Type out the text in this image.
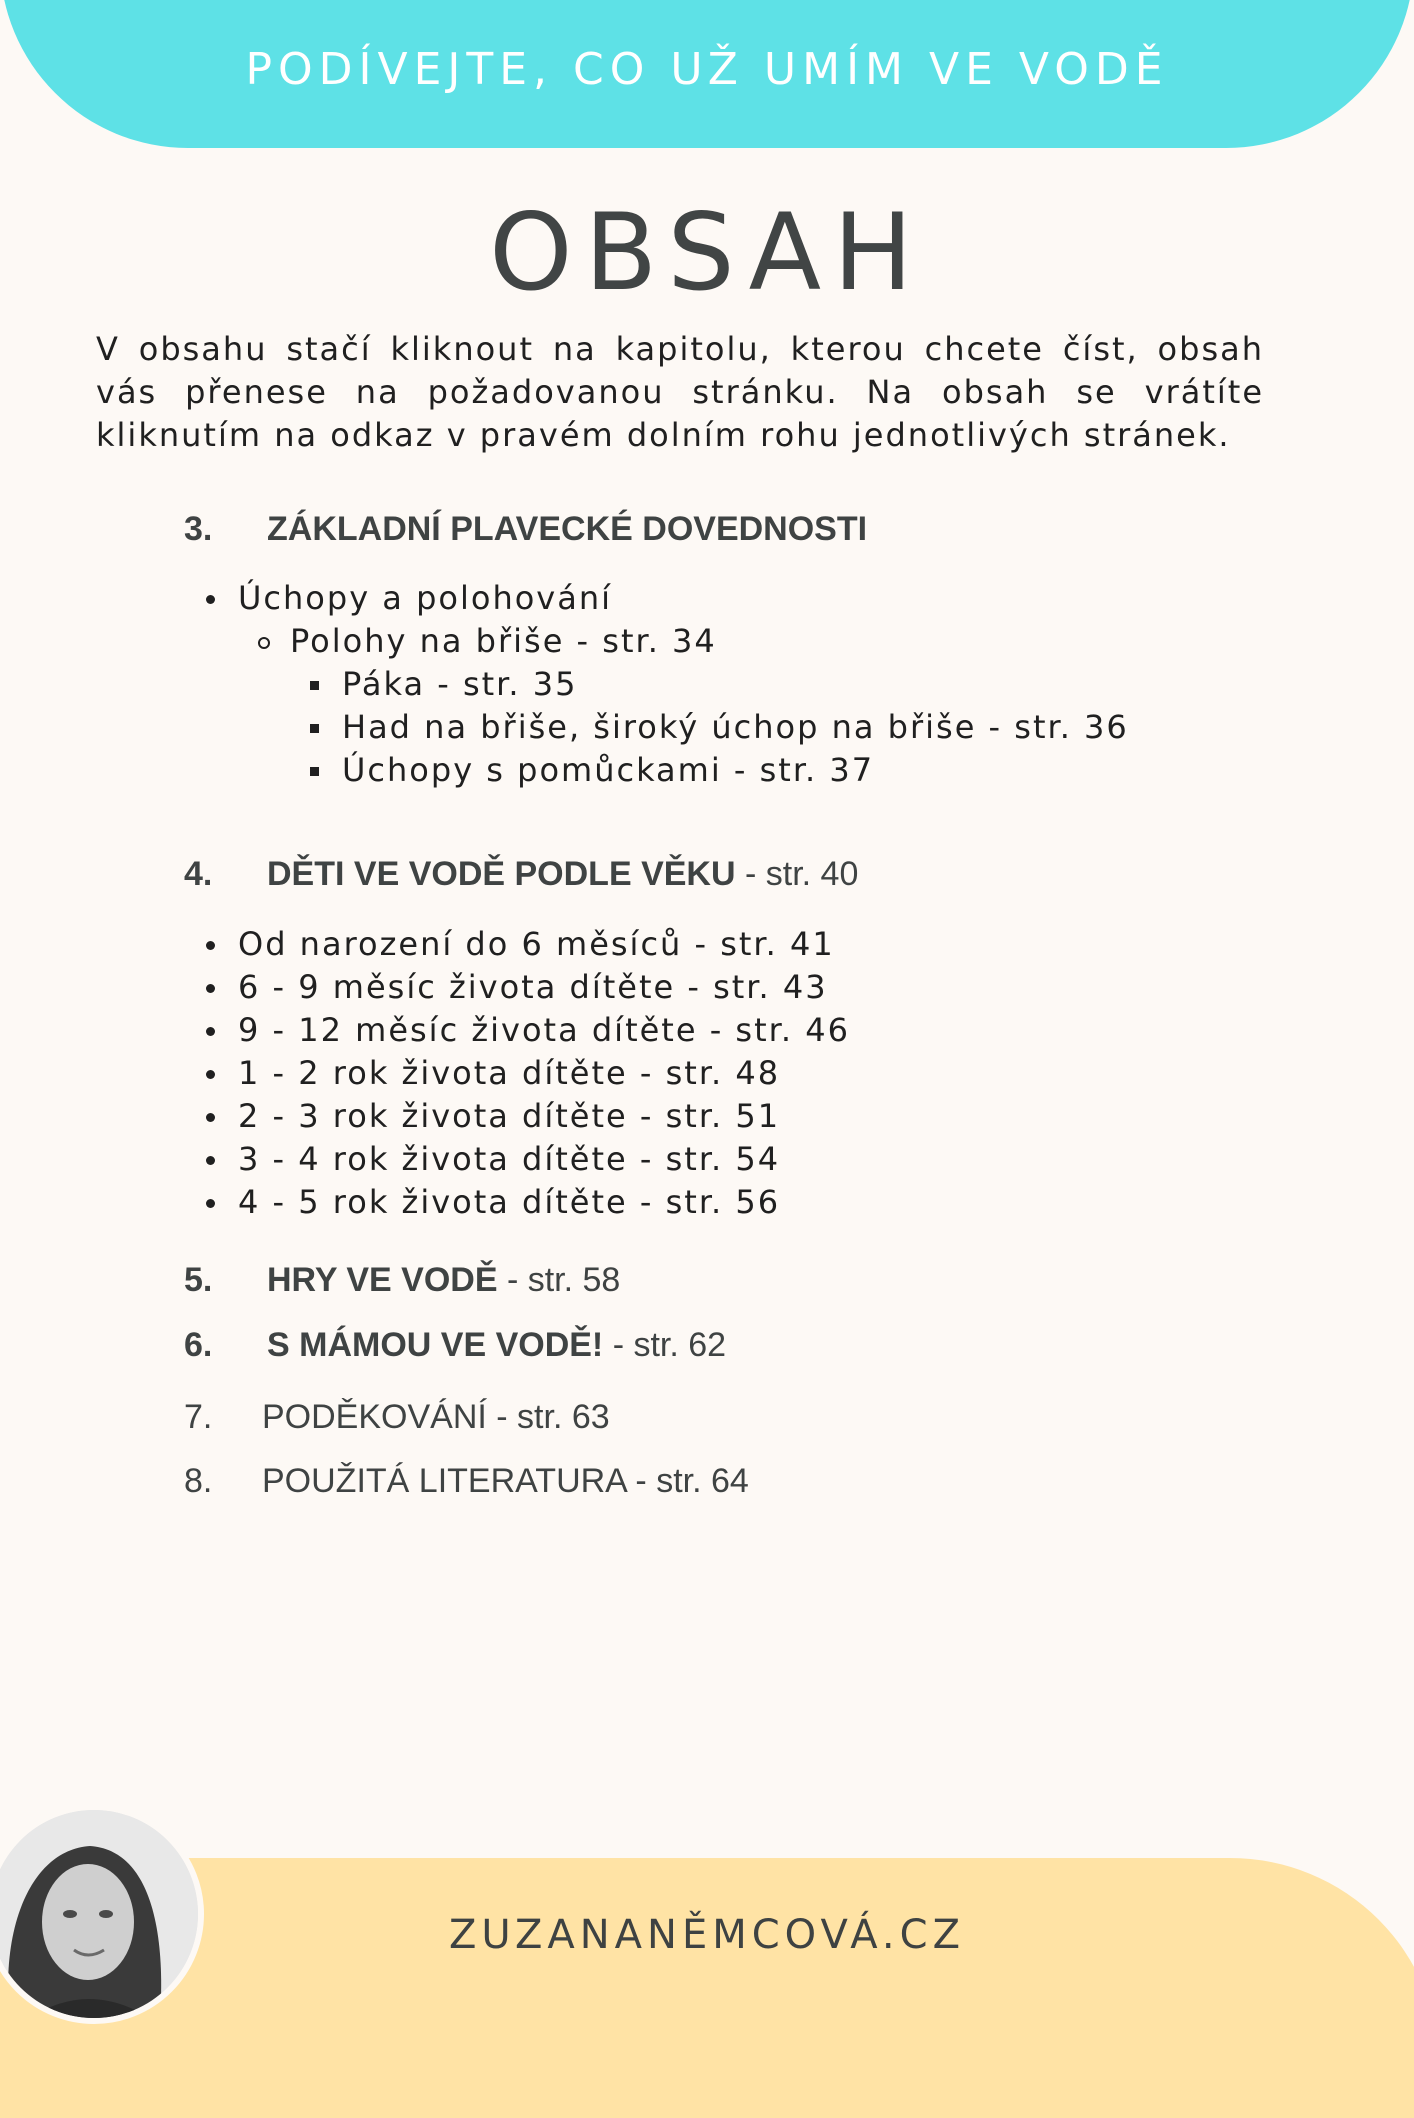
PODÍVEJTE, CO UŽ UMÍM VE VODĚ
OBSAH
V obsahu stačí kliknout na kapitolu, kterou chcete číst, obsah vás přenese na požadovanou stránku. Na obsah se vrátíte kliknutím na odkaz v pravém dolním rohu jednotlivých stránek.
3. ZÁKLADNÍ PLAVECKÉ DOVEDNOSTI
Úchopy a polohování
Polohy na břiše - str. 34
Páka - str. 35
Had na břiše, široký úchop na břiše - str. 36
Úchopy s pomůckami - str. 37
4. DĚTI VE VODĚ PODLE VĚKU - str. 40
Od narození do 6 měsíců - str. 41
6 - 9 měsíc života dítěte - str. 43
9 - 12 měsíc života dítěte - str. 46
1 - 2 rok života dítěte - str. 48
2 - 3 rok života dítěte - str. 51
3 - 4 rok života dítěte - str. 54
4 - 5 rok života dítěte - str. 56
5. HRY VE VODĚ - str. 58
6. S MÁMOU VE VODĚ! - str. 62
7. PODĚKOVÁNÍ - str. 63
8. POUŽITÁ LITERATURA - str. 64
ZUZANANĚMCOVÁ.CZ
